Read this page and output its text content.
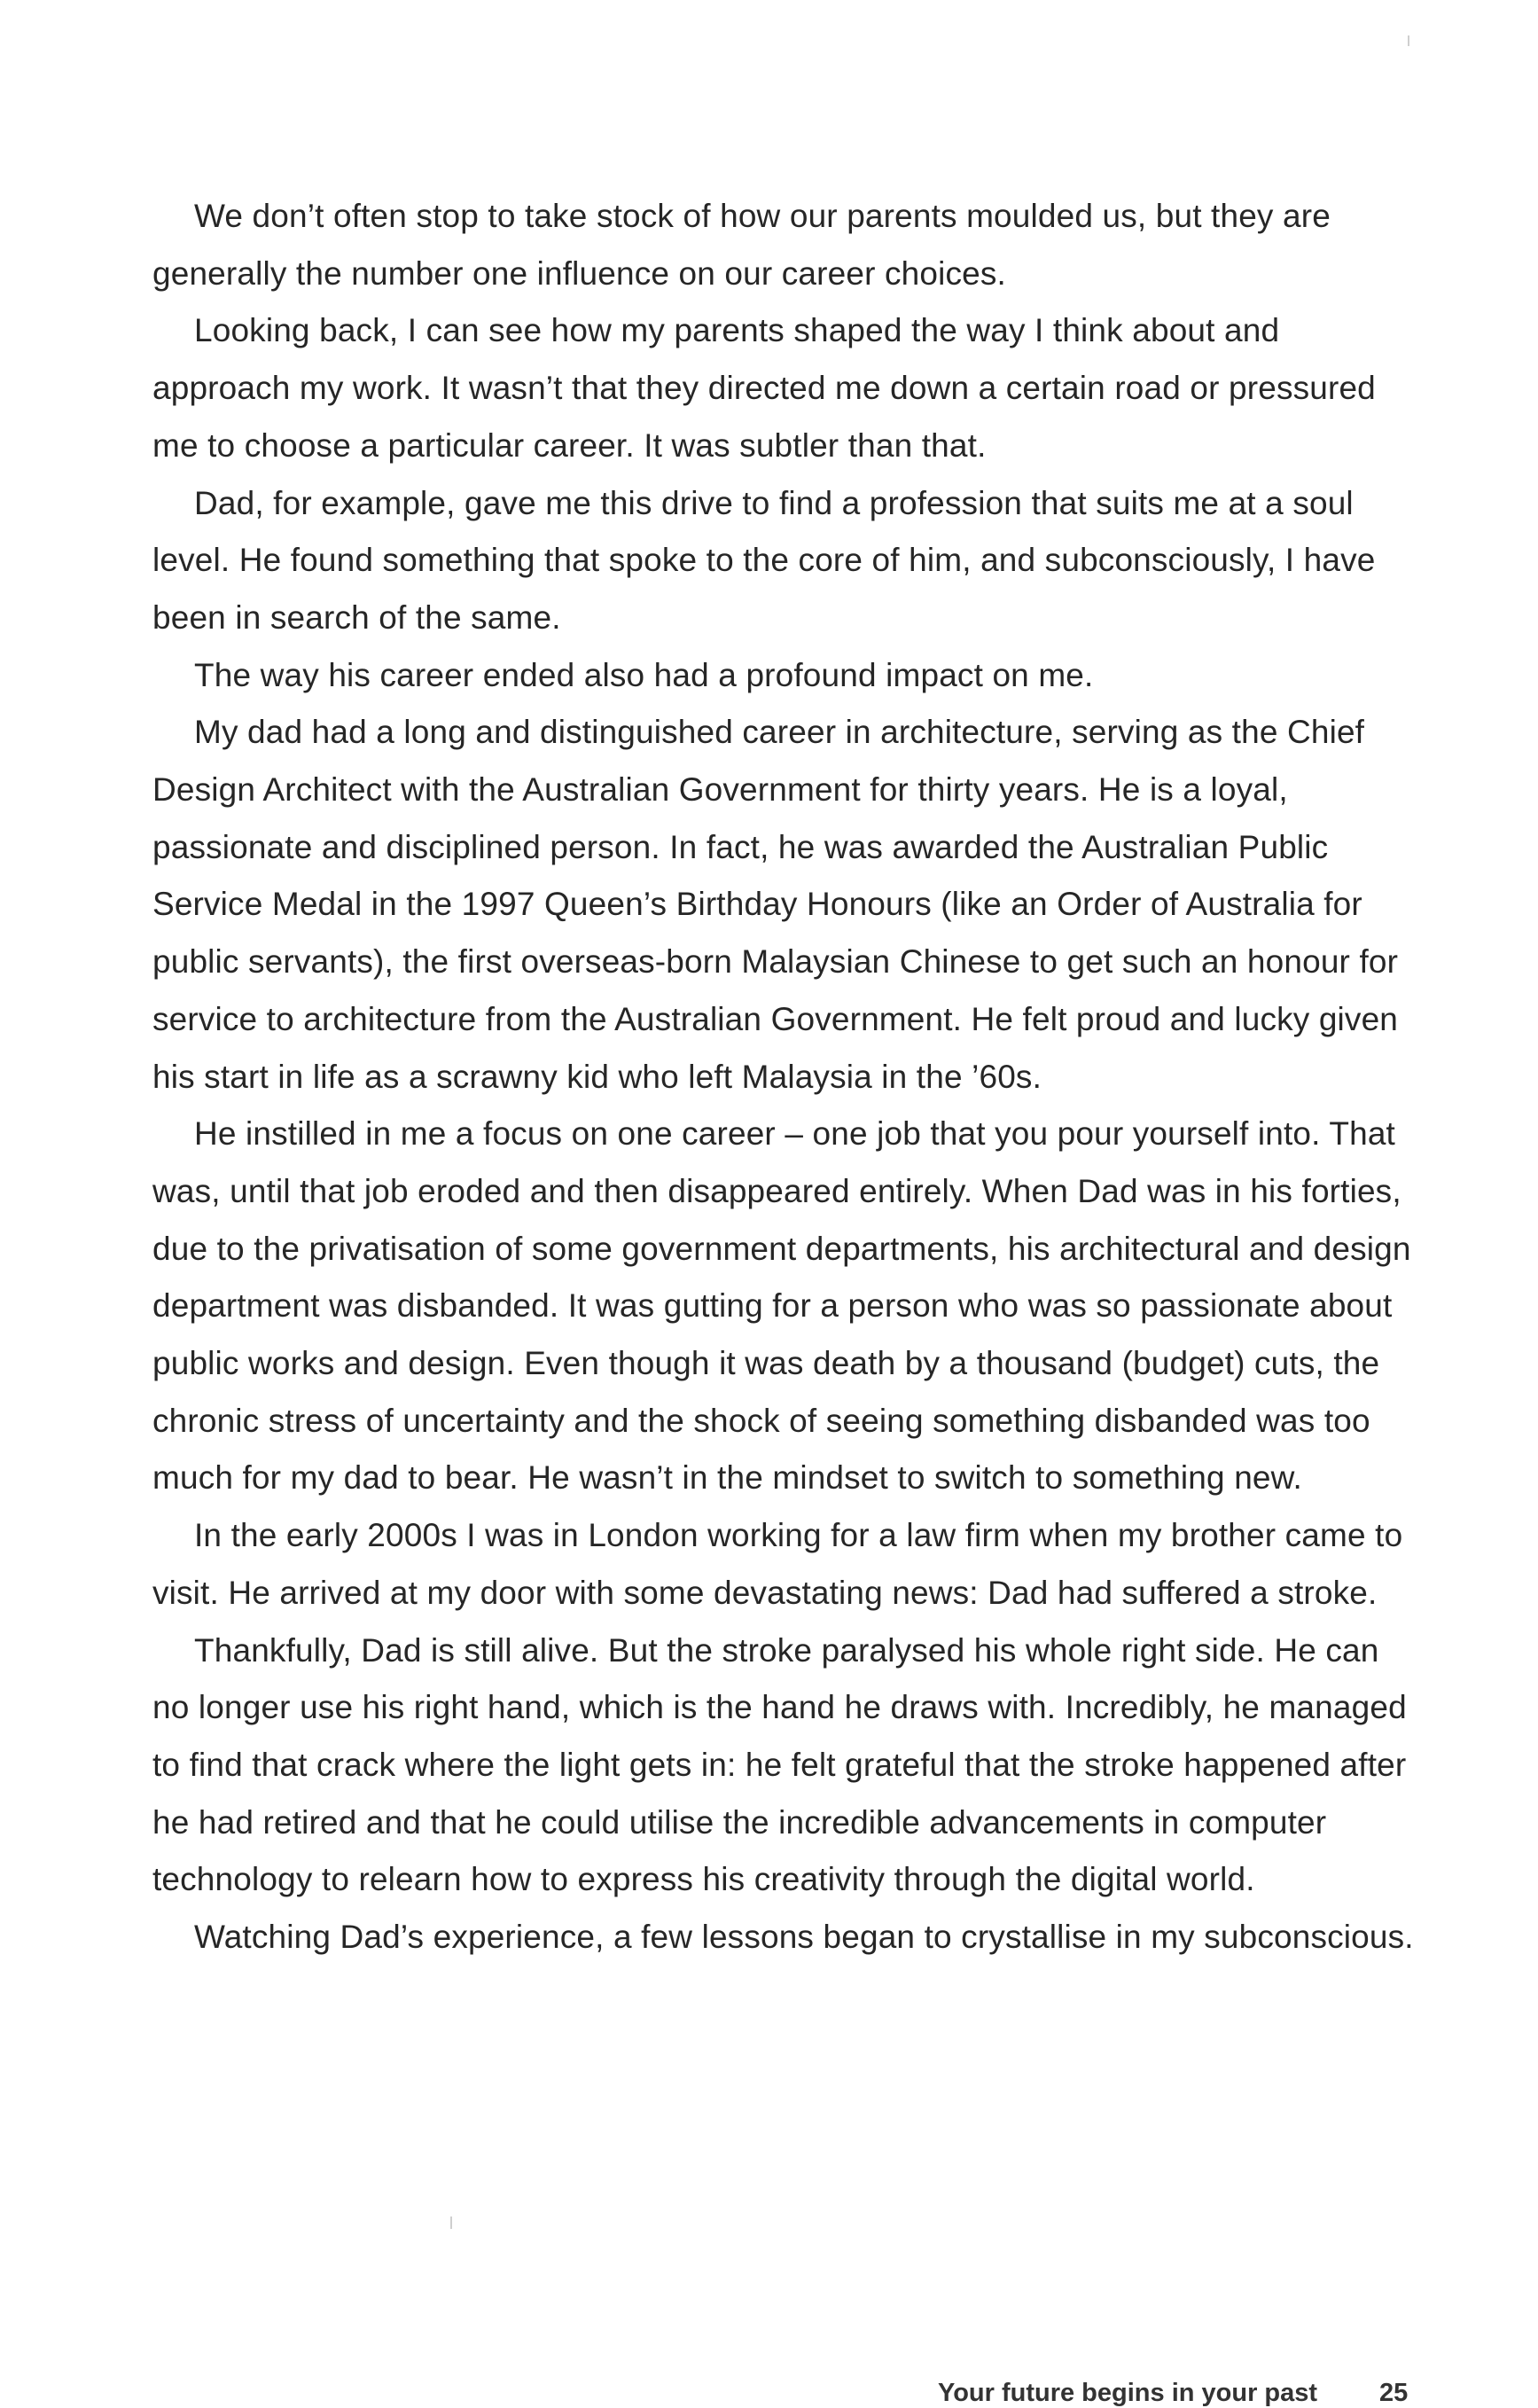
We don’t often stop to take stock of how our parents moulded us, but they are generally the number one influence on our career choices.

Looking back, I can see how my parents shaped the way I think about and approach my work. It wasn’t that they directed me down a certain road or pressured me to choose a particular career. It was subtler than that.

Dad, for example, gave me this drive to find a profession that suits me at a soul level. He found something that spoke to the core of him, and subconsciously, I have been in search of the same.

The way his career ended also had a profound impact on me.

My dad had a long and distinguished career in architecture, serving as the Chief Design Architect with the Australian Government for thirty years. He is a loyal, passionate and disciplined person. In fact, he was awarded the Australian Public Service Medal in the 1997 Queen’s Birthday Honours (like an Order of Australia for public servants), the first overseas-born Malaysian Chinese to get such an honour for service to architecture from the Australian Government. He felt proud and lucky given his start in life as a scrawny kid who left Malaysia in the ’60s.

He instilled in me a focus on one career – one job that you pour yourself into. That was, until that job eroded and then disappeared entirely. When Dad was in his forties, due to the privatisation of some government departments, his architectural and design department was disbanded. It was gutting for a person who was so passionate about public works and design. Even though it was death by a thousand (budget) cuts, the chronic stress of uncertainty and the shock of seeing something disbanded was too much for my dad to bear. He wasn’t in the mindset to switch to something new.

In the early 2000s I was in London working for a law firm when my brother came to visit. He arrived at my door with some devastating news: Dad had suffered a stroke.

Thankfully, Dad is still alive. But the stroke paralysed his whole right side. He can no longer use his right hand, which is the hand he draws with. Incredibly, he managed to find that crack where the light gets in: he felt grateful that the stroke happened after he had retired and that he could utilise the incredible advancements in computer technology to relearn how to express his creativity through the digital world.

Watching Dad’s experience, a few lessons began to crystallise in my subconscious.

Your future begins in your past 25
